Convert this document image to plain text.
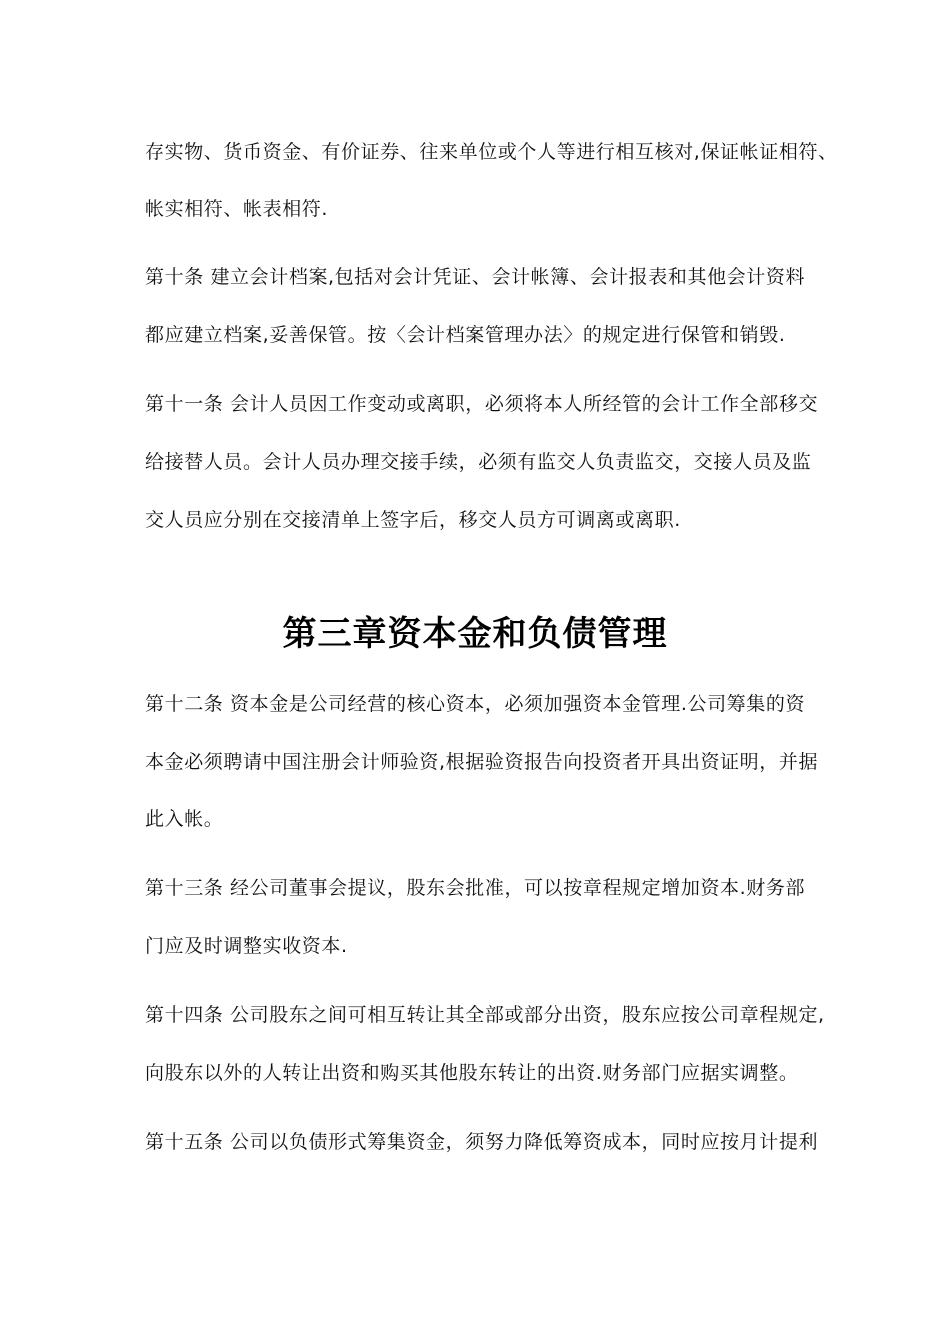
存实物、货币资金、有价证券、往来单位或个人等进行相互核对,保证帐证相符、
帐实相符、帐表相符.
第十条 建立会计档案,包括对会计凭证、会计帐簿、会计报表和其他会计资料
都应建立档案,妥善保管。按〈会计档案管理办法〉的规定进行保管和销毁.
第十一条 会计人员因工作变动或离职，必须将本人所经管的会计工作全部移交
给接替人员。会计人员办理交接手续，必须有监交人负责监交，交接人员及监
交人员应分别在交接清单上签字后，移交人员方可调离或离职.
第三章资本金和负债管理
第十二条 资本金是公司经营的核心资本，必须加强资本金管理.公司筹集的资
本金必须聘请中国注册会计师验资,根据验资报告向投资者开具出资证明，并据
此入帐。
第十三条 经公司董事会提议，股东会批准，可以按章程规定增加资本.财务部
门应及时调整实收资本.
第十四条 公司股东之间可相互转让其全部或部分出资，股东应按公司章程规定,
向股东以外的人转让出资和购买其他股东转让的出资.财务部门应据实调整。
第十五条 公司以负债形式筹集资金，须努力降低筹资成本，同时应按月计提利
